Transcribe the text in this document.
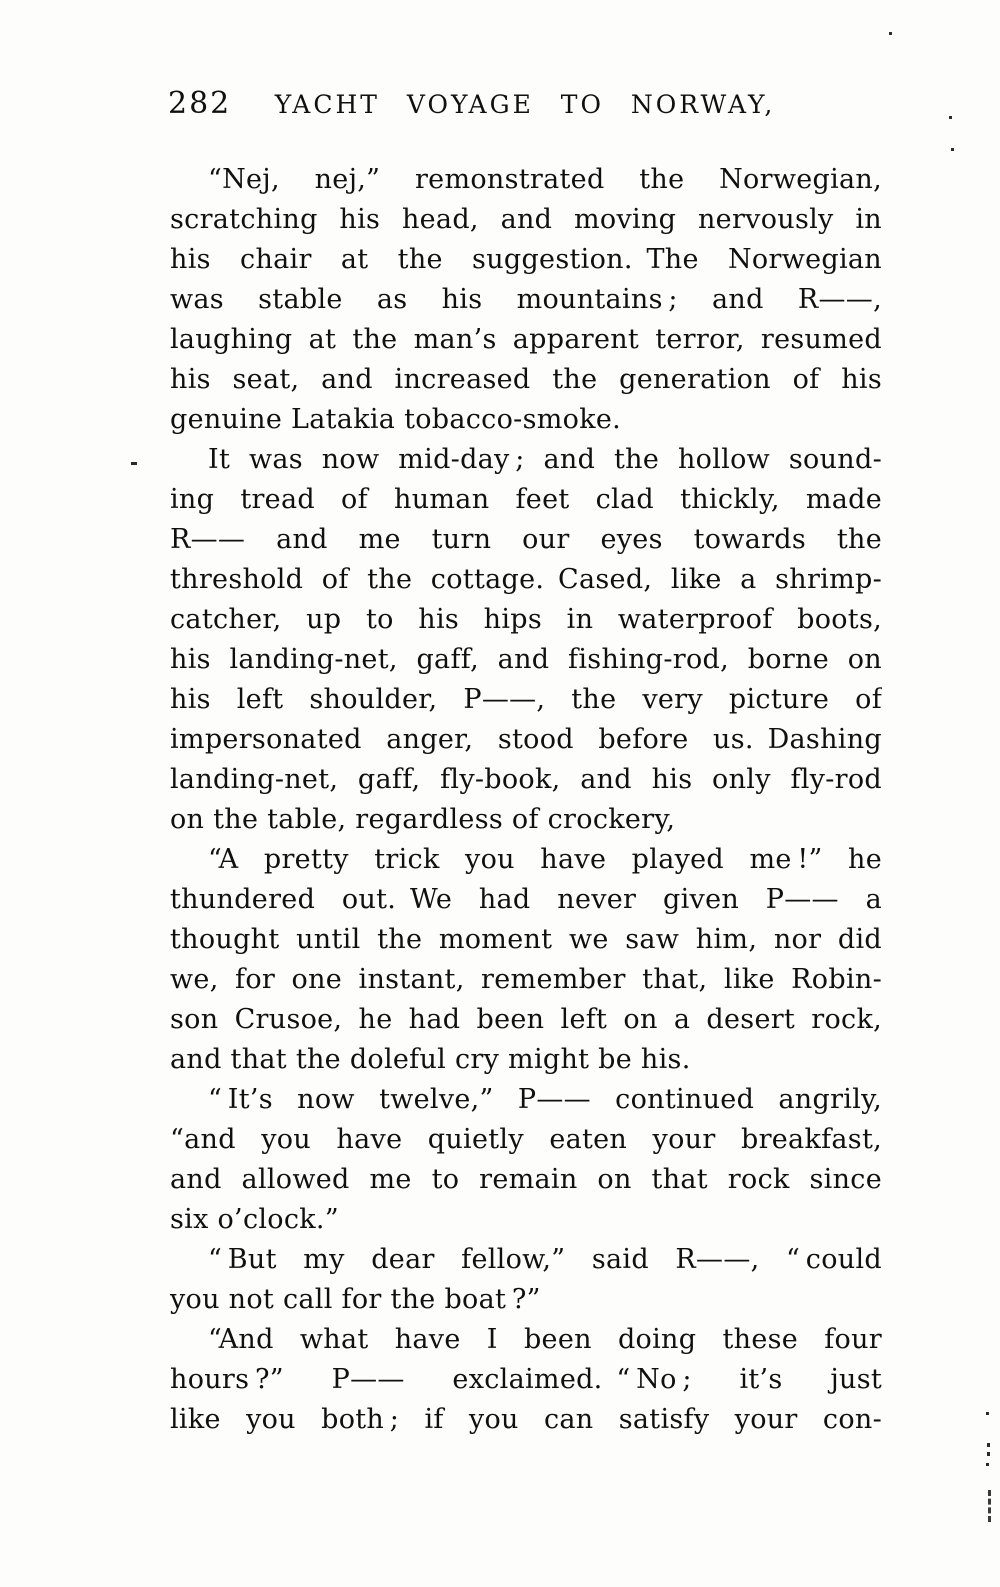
282	YACHT VOYAGE TO NORWAY,

“Nej, nej,” remonstrated the Norwegian,
scratching his head, and moving nervously in
his chair at the suggestion. The Norwegian
was stable as his mountains ; and R——,
laughing at the man’s apparent terror, resumed
his seat, and increased the generation of his
genuine Latakia tobacco-smoke.

It was now mid-day ; and the hollow sound-
ing tread of human feet clad thickly, made
R—— and me turn our eyes towards the
threshold of the cottage. Cased, like a shrimp-
catcher, up to his hips in waterproof boots,
his landing-net, gaff, and fishing-rod, borne on
his left shoulder, P——, the very picture of
impersonated anger, stood before us. Dashing
landing-net, gaff, fly-book, and his only fly-rod
on the table, regardless of crockery,

“A pretty trick you have played me !” he
thundered out. We had never given P—— a
thought until the moment we saw him, nor did
we, for one instant, remember that, like Robin-
son Crusoe, he had been left on a desert rock,
and that the doleful cry might be his.

“ It’s now twelve,” P—— continued angrily,
“and you have quietly eaten your breakfast,
and allowed me to remain on that rock since
six o’clock.”

“ But my dear fellow,” said R——, “ could
you not call for the boat ?”

“And what have I been doing these four
hours ?” P—— exclaimed. “ No ; it’s just
like you both ; if you can satisfy your con-
